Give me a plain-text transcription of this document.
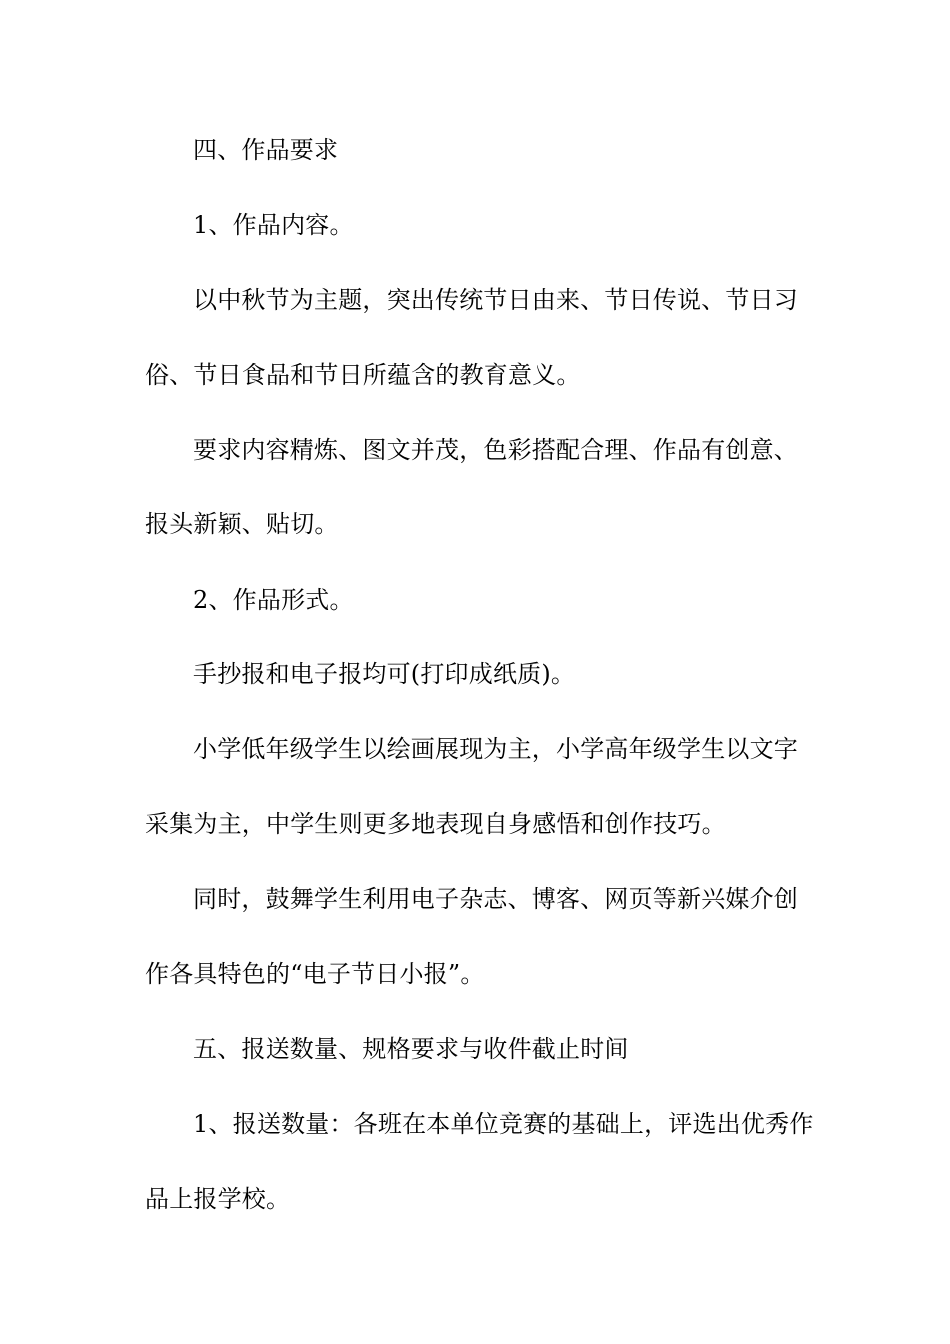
四、作品要求
1、作品内容。
以中秋节为主题，突出传统节日由来、节日传说、节日习
俗、节日食品和节日所蕴含的教育意义。
要求内容精炼、图文并茂，色彩搭配合理、作品有创意、
报头新颖、贴切。
2、作品形式。
手抄报和电子报均可(打印成纸质)。
小学低年级学生以绘画展现为主，小学高年级学生以文字
采集为主，中学生则更多地表现自身感悟和创作技巧。
同时，鼓舞学生利用电子杂志、博客、网页等新兴媒介创
作各具特色的“电子节日小报”。
五、报送数量、规格要求与收件截止时间
1、报送数量：各班在本单位竞赛的基础上，评选出优秀作
品上报学校。
